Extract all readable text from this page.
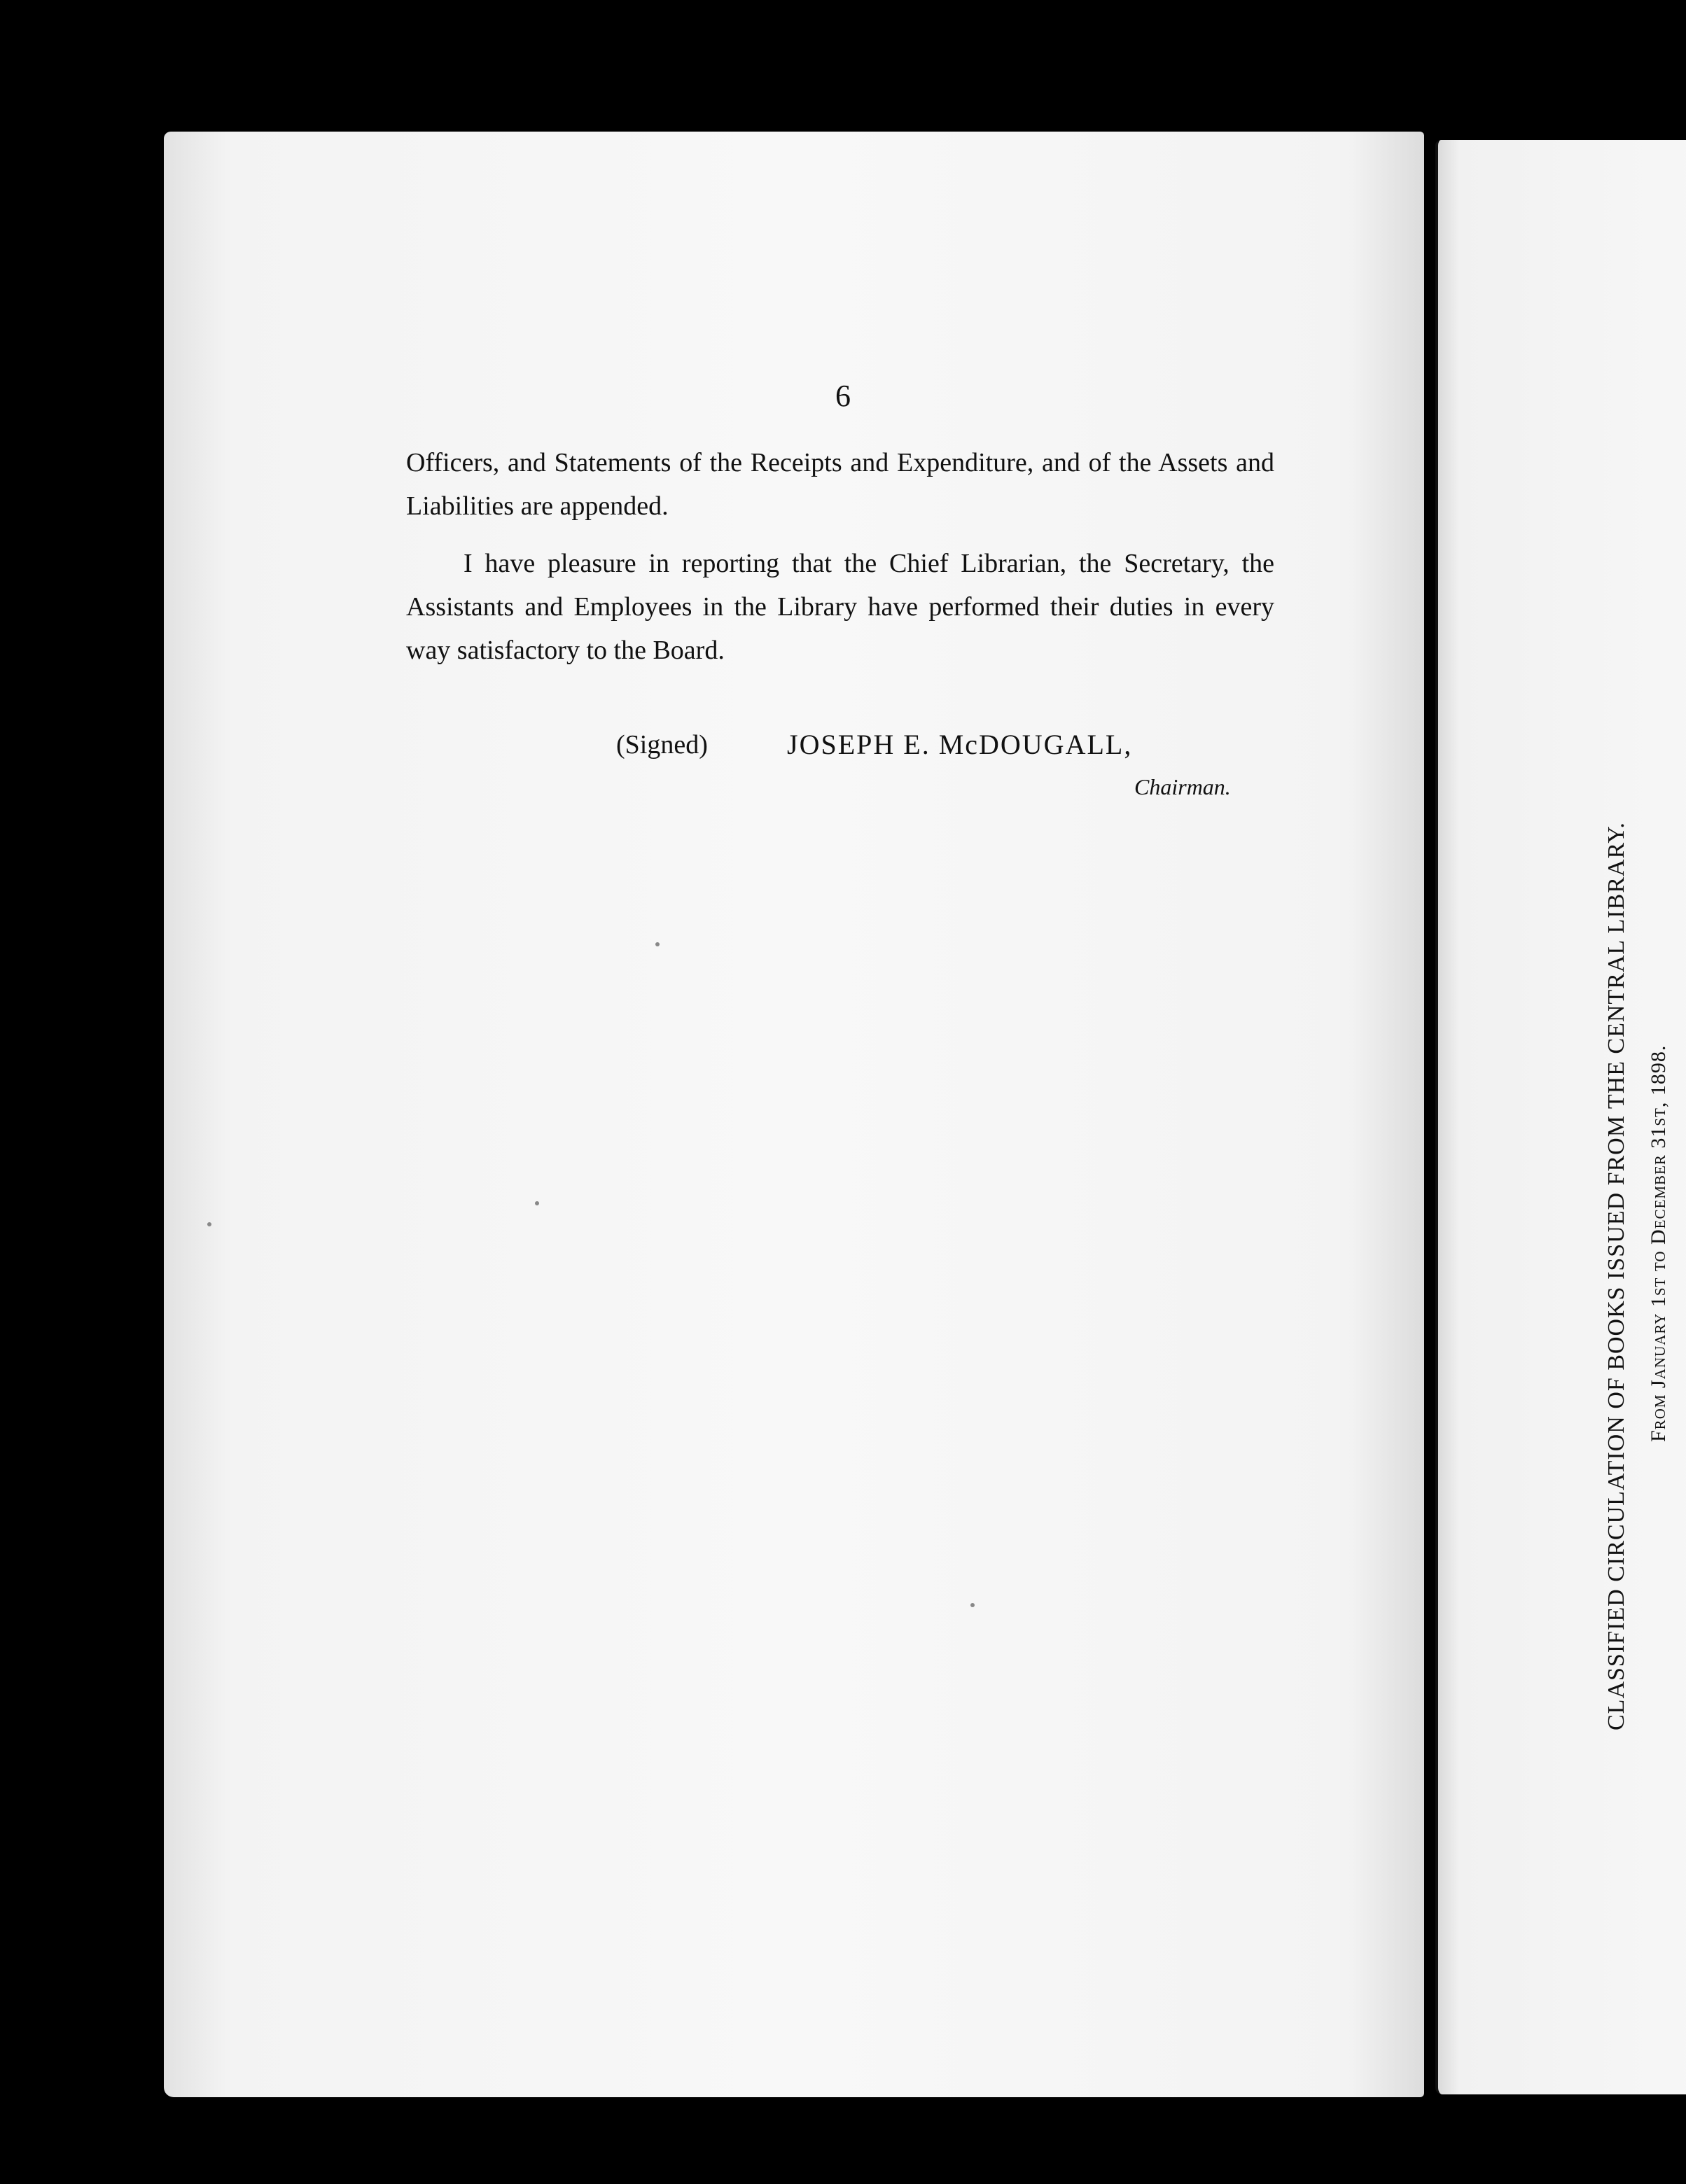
6

Officers, and Statements of the Receipts and Expenditure, and of the Assets and Liabilities are appended.

I have pleasure in reporting that the Chief Librarian, the Secretary, the Assistants and Employees in the Library have performed their duties in every way satisfactory to the Board.

(Signed)	JOSEPH E. McDOUGALL,
Chairman.
CLASSIFIED CIRCULATION OF BOOKS ISSUED FROM THE CENTRAL LIBRARY. From January 1st to December 31st, 1898.
